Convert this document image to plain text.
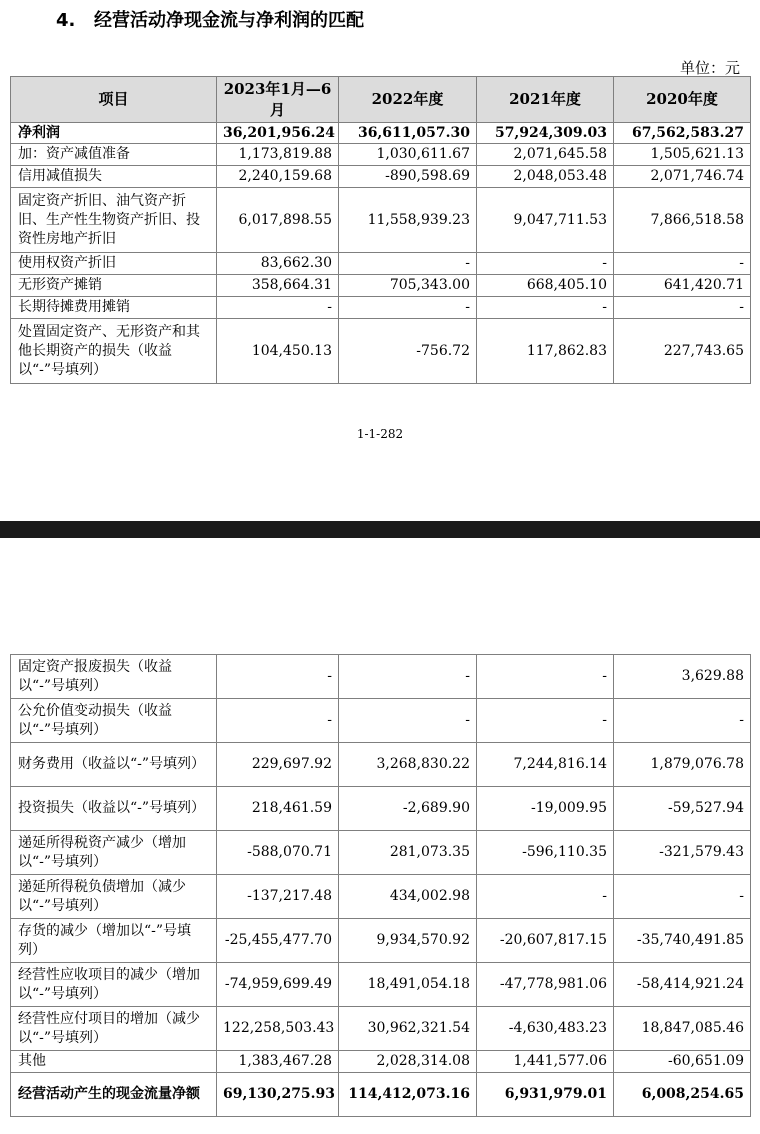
4. 经营活动净现金流与净利润的匹配
单位：元
项目	2023年1月—6月	2022年度	2021年度	2020年度
净利润	36,201,956.24	36,611,057.30	57,924,309.03	67,562,583.27
加：资产减值准备	1,173,819.88	1,030,611.67	2,071,645.58	1,505,621.13
信用减值损失	2,240,159.68	-890,598.69	2,048,053.48	2,071,746.74
固定资产折旧、油气资产折旧、生产性生物资产折旧、投资性房地产折旧	6,017,898.55	11,558,939.23	9,047,711.53	7,866,518.58
使用权资产折旧	83,662.30	-	-	-
无形资产摊销	358,664.31	705,343.00	668,405.10	641,420.71
长期待摊费用摊销	-	-	-	-
处置固定资产、无形资产和其他长期资产的损失（收益以“-”号填列）	104,450.13	-756.72	117,862.83	227,743.65
1-1-282
固定资产报废损失（收益以“-”号填列）	-	-	-	3,629.88
公允价值变动损失（收益以“-”号填列）	-	-	-	-
财务费用（收益以“-”号填列）	229,697.92	3,268,830.22	7,244,816.14	1,879,076.78
投资损失（收益以“-”号填列）	218,461.59	-2,689.90	-19,009.95	-59,527.94
递延所得税资产减少（增加以“-”号填列）	-588,070.71	281,073.35	-596,110.35	-321,579.43
递延所得税负债增加（减少以“-”号填列）	-137,217.48	434,002.98	-	-
存货的减少（增加以“-”号填列）	-25,455,477.70	9,934,570.92	-20,607,817.15	-35,740,491.85
经营性应收项目的减少（增加以“-”号填列）	-74,959,699.49	18,491,054.18	-47,778,981.06	-58,414,921.24
经营性应付项目的增加（减少以“-”号填列）	122,258,503.43	30,962,321.54	-4,630,483.23	18,847,085.46
其他	1,383,467.28	2,028,314.08	1,441,577.06	-60,651.09
经营活动产生的现金流量净额	69,130,275.93	114,412,073.16	6,931,979.01	6,008,254.65
